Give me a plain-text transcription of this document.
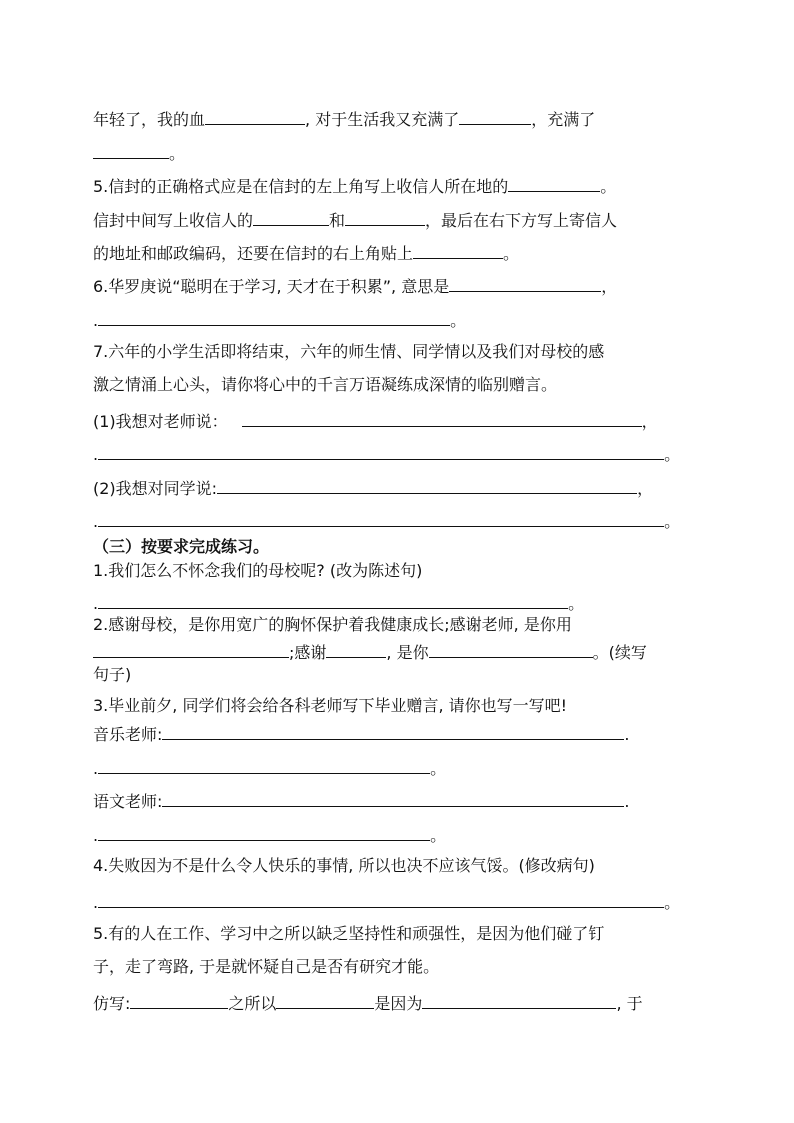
年轻了，我的血	, 对于生活我又充满了	，充满了
。
5.信封的正确格式应是在信封的左上角写上收信人所在地的	。
信封中间写上收信人的	和	，最后在右下方写上寄信人
的地址和邮政编码，还要在信封的右上角贴上	。
6.华罗庚说“聪明在于学习, 天才在于积累”, 意思是	，
.	。
7.六年的小学生活即将结束，六年的师生情、同学情以及我们对母校的感
激之情涌上心头，请你将心中的千言万语凝练成深情的临别赠言。
(1)我想对老师说：	，
.	。
(2)我想对同学说:	，
.	。
（三）按要求完成练习。
1.我们怎么不怀念我们的母校呢? (改为陈述句)
.	。
2.感谢母校，是你用宽广的胸怀保护着我健康成长;感谢老师, 是你用
;感谢	, 是你	。(续写
句子)
3.毕业前夕, 同学们将会给各科老师写下毕业赠言, 请你也写一写吧!
音乐老师:	.
.	。
语文老师:	.
.	。
4.失败因为不是什么令人快乐的事情, 所以也决不应该气馁。(修改病句)
.	。
5.有的人在工作、学习中之所以缺乏坚持性和顽强性，是因为他们碰了钉
子，走了弯路, 于是就怀疑自己是否有研究才能。
仿写:	之所以	是因为	, 于
